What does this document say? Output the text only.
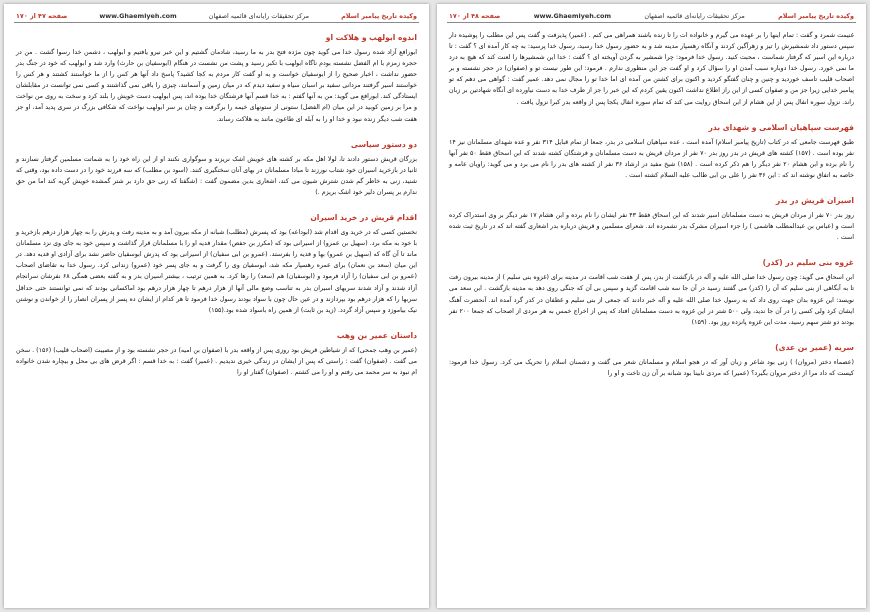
وکیده تاریخ پیامبر اسلام
مرکز تحقیقات رایانه‌ای قائمیه اصفهان
www.Ghaemiyeh.com
صفحه ۴۷ از ۱۷۰
اندوه ابولهب و هلاکت او

ابورافع آزاد شده رسول خدا می گوید چون مژده فتح بدر به ما رسید، شادمان گشتیم و این خبر نیرو یافتیم و ابولهب ، دشمن خدا رسوا گشت . من در حجره زمزم با ام الفضل نشسته بودم ناگاه ابولهب با تکبر رسید و پشت من نشست در هنگام (ابوسفیان بن حارث) وارد شد و ابولهب که خود در جنگ بدر حضور نداشت ، اخبار صحیح را از ابوسفیان خواست و به او گفت کار مردم به کجا کشید؟ پاسخ داد آنها هر کس را از ما خواستند کشتند و هر کس را خواستند اسیر گرفتند مردانی سفید بر اسبان سیاه و سفید دیدم که در میان زمین و آسمانند، چیزی را باقی نمی گذاشتند و کسی نمی توانست در مقابلشان ایستادگی کند. ابورافع می گوید: من به آنها گفتم : به خدا قسم آنها فرشتگان خدا بوده اند، پس ابولهب دست خویش را بلند کرد و سخت به روی من نواخت و مرا بر زمین کوبید در این میان (ام الفضل) ستونی از ستونهای خیمه را برگرفت و چنان بر سر ابولهب نواخت که شکافی بزرگ در سری پدید آمد، او جز هفت شب دیگر زنده نبود و خدا او را به آبله ای طاعون مانند به هلاکت رساند.

دو دستور سیاسی

بزرگان قریش دستور دادند تا، لولا اهل مکه بر کشته های خویش اشک نریزند و سوگواری نکنند او از این راه خود را به شماتت مسلمین گرفتار نسازند و ثانیا در بازخرید اسیران خود شتاب نورزند تا مبادا مسلمانان در بهای آنان سختگیری کنند. (اسود بن مطلب) که سه فرزند خود را در دست داده بود، وقتی که شنید، زنی به خاطر گم شدن شترش شیون می کند، اشعاری بدین مضمون گفت : (شگفتا که زنی حق دارد بر شتر گمشده خویش گریه کند اما من حق ندارم بر پسران دلیر خود اشک بریزم .)

اقدام قریش در خرید اسیران

نخستین کسی که در خرید وی اقدام شد (ابوداعه) بود که پسرش (مطلب) شبانه از مکه بیرون آمد و به مدینه رفت و پدرش را به چهار هزار درهم بازخرید و با خود به مکه برد. (سهیل بن عمرو) از اسیرانی بود که (مکرز بن حفص) مقدار فدیه او را با مسلمانان قرار گذاشت و سپس خود به جای وی نزد مسلمانان ماند تا آن گاه که (سهیل بن عمرو) بها و فدیه را بفرستد. (عمرو بن ابی سفیان) از اسیرانی بود که پدرش ابوسفیان حاضر نشد برای آزادی او فدیه دهد. در این میان (سعد بن نعمان) برای عمره رهسپار مکه شد، ابوسفیان وی را گرفت و به جای پسر خود (عمرو) زندانی کرد. رسول خدا به تقاضای اصحاب (عمرو بن ابی سفیان) را آزاد فرمود و (ابوسفیان) هم (سعد) را رها کرد. به همین ترتیب ، بیشتر اسیران بدر و به گفته بعضی همگی ۶۸ نفرشان سرانجام آزاد شدند و آزاد شدند سربهای اسیران بدر به تناسب وضع مالی آنها از هزار درهم تا چهار هزار درهم بود اماکسانی بودند که نمی توانستند حتی حداقل سربها را که هزار درهم بود بپردازند و در عین حال چون با سواد بودند رسول خدا فرمود تا هر کدام از ایشان ده پسر از پسران انصار را از خواندن و نوشتن نیک بیاموزد و سپس آزاد گردد. (زید بن ثابت) از همین راه باسواد شده بود.(۱۵۵)

داستان عمیر بن وهب

(عمیر بن وهب جمحی) که از شیاطین قریش بود روزی پس از واقعه بدر با (صفوان بن امیه) در حجر نشسته بود و از مصیبت (اصحاب قلیب) (۱۵۶) . سخن می گفت . (صفوان) گفت : راستی که پس از ایشان در زندگی خیری ندیدیم . (عمیر) گفت : به خدا قسم : اگر قرض های بی محل و بیچاره شدن خانواده ام نبود به سر محمد می رفتم و او را می کشتم . (صفوان) گفتار او را

وکیده تاریخ پیامبر اسلام
مرکز تحقیقات رایانه‌ای قائمیه اصفهان
www.Ghaemiyeh.com
صفحه ۴۸ از ۱۷۰

غنیمت شمرد و گفت : تمام اینها را بر عهده می گیرم و خانواده ات را تا زنده باشند همراهی می کنم . (عمیر) پذیرفت و گفت پس این مطلب را پوشیده دار سپس دستور داد شمشیرش را تیز و زهرآگین کردند و آنگاه رهسپار مدینه شد و به حضور رسول خدا رسید، رسول خدا پرسید: به چه کار آمده ای ؟ گفت : تا درباره این اسیر که گرفتار شماست ، محبت کنید. رسول خدا فرمود: چرا شمشیر به گردن آویخته ای ؟ گفت : خدا این شمشیرها را لعنت کند که هیچ به درد ما نمی خورد. رسول خدا دوباره سبب آمدن او را سؤال کرد و او گفت جز این منظوری ندارم . فرمود: این طور نیست تو و (صفوان) در حجر نشسته و بر اصحاب قلیب تاسف خوردید و چنین و چنان گفتگو کردید و اکنون برای کشتن من آمده ای اما خدا تو را مجال نمی دهد. عمیر گفت : گواهی می دهم که تو پیامبر خدایی زیرا جز من و صفوان کسی از این راز اطلاع نداشت اکنون یقین کردم که این خبر را جز از طرف خدا به دست نیاورده ای آنگاه شهادتین بر زبان راند. نزول سوره انفال پس از این هشام از ابن اسحاق روایت می کند که تمام سوره انفال یکجا پس از واقعه بدر کبرا نزول یافت .

فهرست سپاهیان اسلامی و شهدای بدر

طبق فهرست جامعی که در کتاب (تاریخ پیامبر اسلام) آمده است ، عده سپاهیان اسلامی در بدر، جمعا از تمام قبایل ۳۱۴ نفر و عده شهدای مسلمانان نیز ۱۴ نفر بوده است . (۱۵۷) کشته های قریش در بدر روز بدر ۷۰ نفر از مردان قریش به دست مسلمانان و فرشتگان کشته شدند که ابن اسحاق فقط ۵۰ نفر آنها را نام برده و ابن هشام ۲۰ نفر دیگر را هم ذکر کرده است . (۱۵۸) شیخ مفید در ارشاد ۳۶ نفر از کشته های بدر را نام می برد و می گوید: راویان عامه و خاصه به اتفاق نوشته اند که : این ۳۶ نفر را علی بن ابی طالب علیه السلام کشته است .

اسیران قریش در بدر

روز بدر ۷۰ نفر از مردان قریش به دست مسلمانان اسیر شدند که ابن اسحاق فقط ۴۳ نفر ایشان را نام برده و ابن هشام ۱۷ نفر دیگر بر وی استدراک کرده است و (عباس بن عبدالمطلب هاشمی ) را جزء اسیران مشرک بدر نشمرده اند. شعرای مسلمین و قریش درباره بدر اشعاری گفته اند که در تاریخ ثبت شده است .

غزوه بنی سلیم در (کدر)

ابن اسحاق می گوید: چون رسول خدا صلی الله علیه و آله در بازگشت از بدر، پس از هفت شب اقامت در مدینه برای (غزوه بنی سلیم ) از مدینه بیرون رفت تا به آبگاهی از بنی سلیم که آن را (کدر) می گفتند رسید در آن جا سه شب اقامت گزید و سپس بی آن که جنگی روی دهد به مدینه بازگشت . ابن سعد می نویسد: این غزوه بدان جهت روی داد که به رسول خدا صلی الله علیه و آله خبر دادند که جمعی از بنی سلیم و غطفان در کدر گرد آمده اند. آنحضرت آهنگ ایشان کرد ولی کسی را در آن جا ندید، ولی ۵۰۰ شتر در این غزوه به دست مسلمانان افتاد که پس از اخراج خمس به هر مردی از اصحاب که جمعا ۲۰۰ نفر بودند دو شتر سهم رسید، مدت این غزوه پانزده روز بود. (۱۵۹)

سریه (عمیر بن عدی)

(عصماء دختر (مروان) ) زنی بود شاعر و زبان آور که در هجو اسلام و مسلمانان شعر می گفت و دشمنان اسلام را تحریک می کرد. رسول خدا فرمود: کیست که داد مرا از دختر مروان بگیرد؟ (عمیر) که مردی نابینا بود شبانه بر آن زن تاخت و او را
